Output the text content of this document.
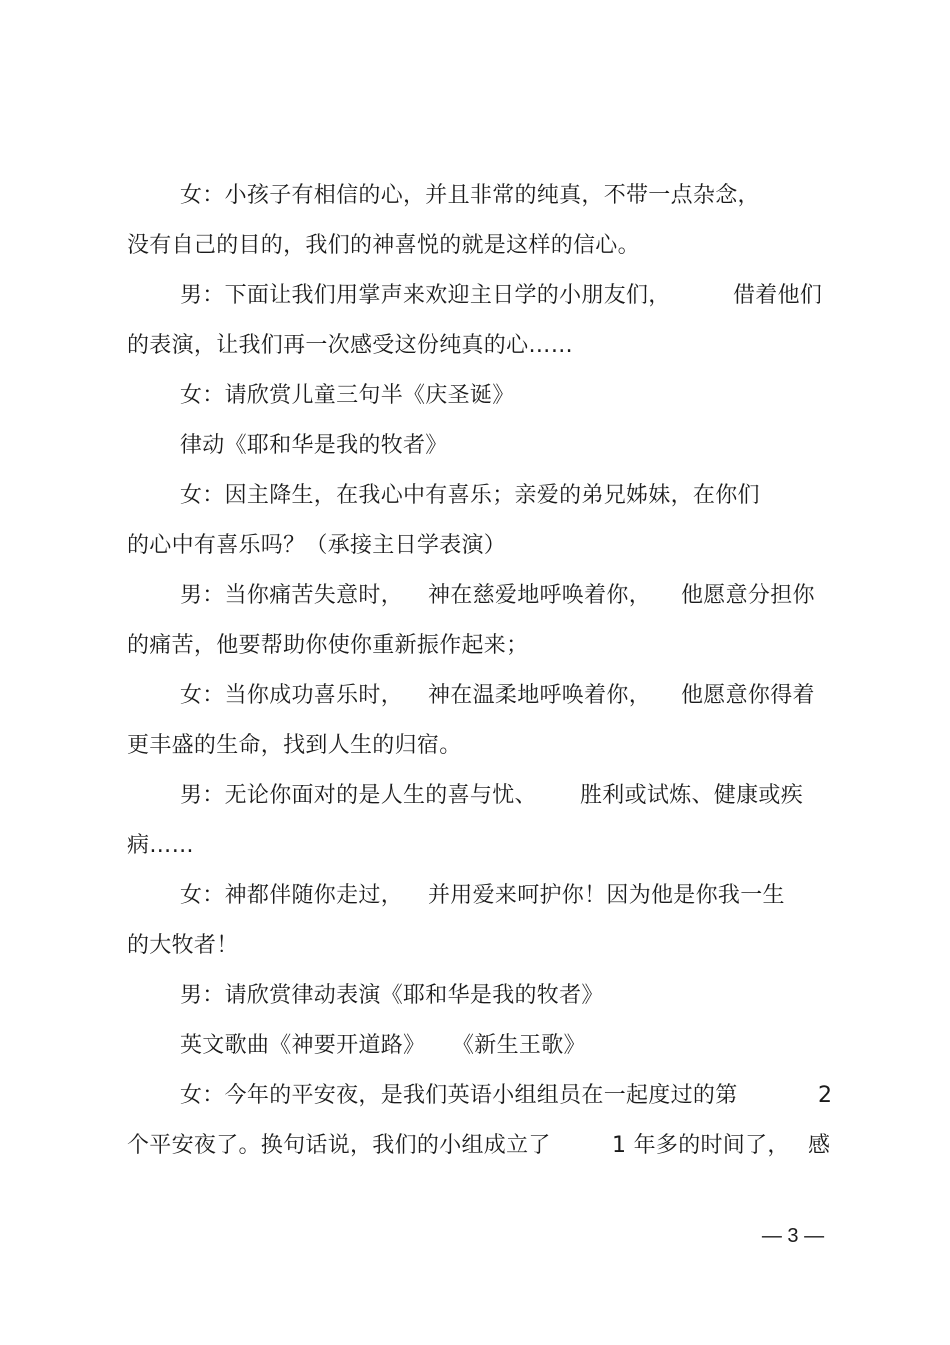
女：小孩子有相信的心，并且非常的纯真，不带一点杂念，
没有自己的目的，我们的神喜悦的就是这样的信心。
男：下面让我们用掌声来欢迎主日学的小朋友们，	借着他们
的表演，让我们再一次感受这份纯真的心……
女：请欣赏儿童三句半《庆圣诞》
律动《耶和华是我的牧者》
女：因主降生，在我心中有喜乐；亲爱的弟兄姊妹，在你们
的心中有喜乐吗？（承接主日学表演）
男：当你痛苦失意时， 神在慈爱地呼唤着你， 他愿意分担你
的痛苦，他要帮助你使你重新振作起来；
女：当你成功喜乐时， 神在温柔地呼唤着你， 他愿意你得着
更丰盛的生命，找到人生的归宿。
男：无论你面对的是人生的喜与忧、 胜利或试炼、健康或疾
病……
女：神都伴随你走过， 并用爱来呵护你！因为他是你我一生
的大牧者！
男：请欣赏律动表演《耶和华是我的牧者》
英文歌曲《神要开道路》 《新生王歌》
女：今年的平安夜，是我们英语小组组员在一起度过的第	2
个平安夜了。换句话说，我们的小组成立了	1 年多的时间了， 感
— 3 —
